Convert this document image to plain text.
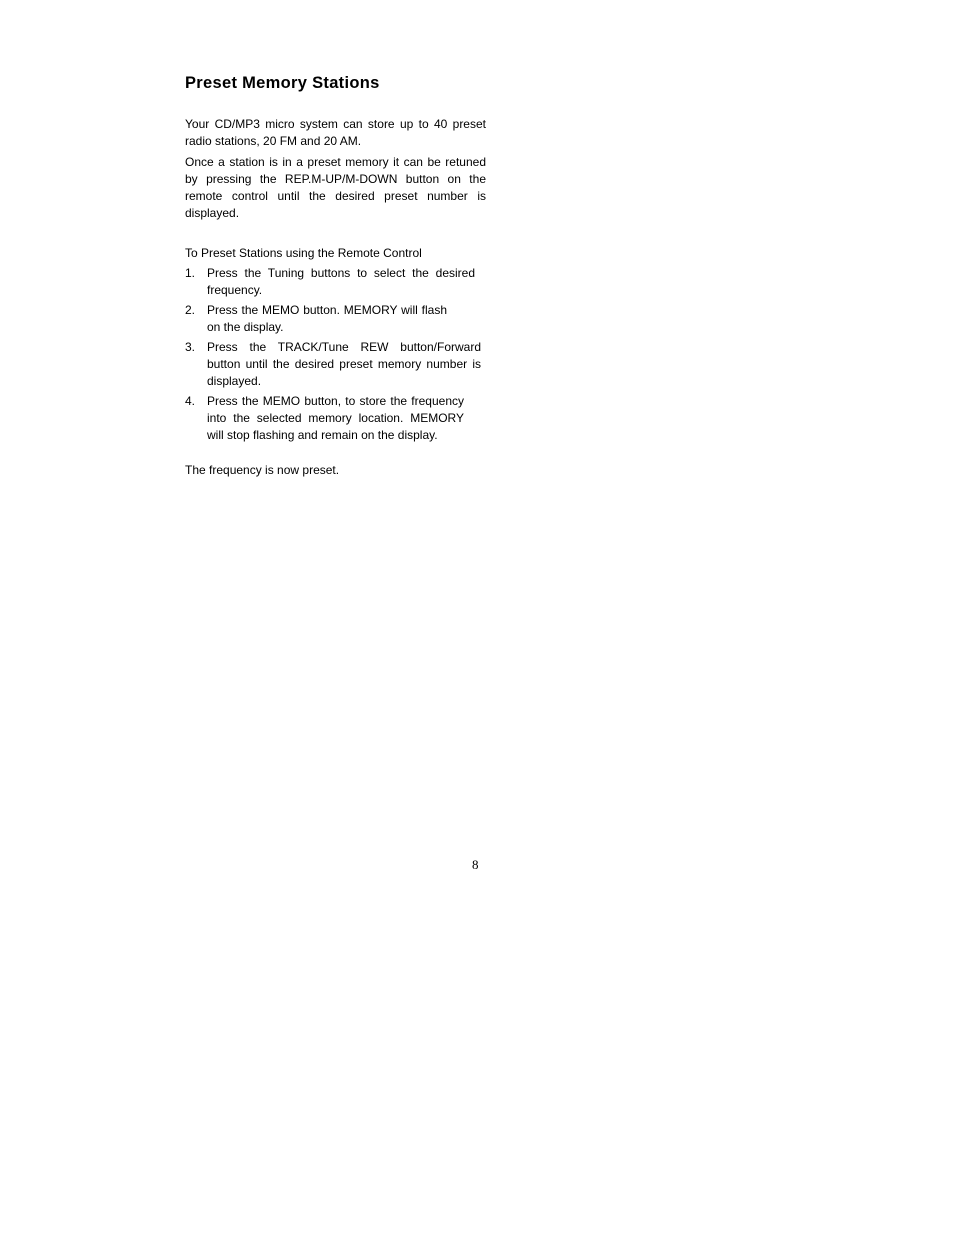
Preset Memory Stations

Your CD/MP3 micro system can store up to 40 preset radio stations, 20 FM and 20 AM.

Once a station is in a preset memory it can be retuned by pressing the REP.M-UP/M-DOWN button on the remote control until the desired preset number is displayed.

To Preset Stations using the Remote Control

1. Press the Tuning buttons to select the desired frequency.
2. Press the MEMO button. MEMORY will flash on the display.
3. Press the TRACK/Tune REW button/Forward button until the desired preset memory number is displayed.
4. Press the MEMO button, to store the frequency into the selected memory location. MEMORY will stop flashing and remain on the display.

The frequency is now preset.

8
